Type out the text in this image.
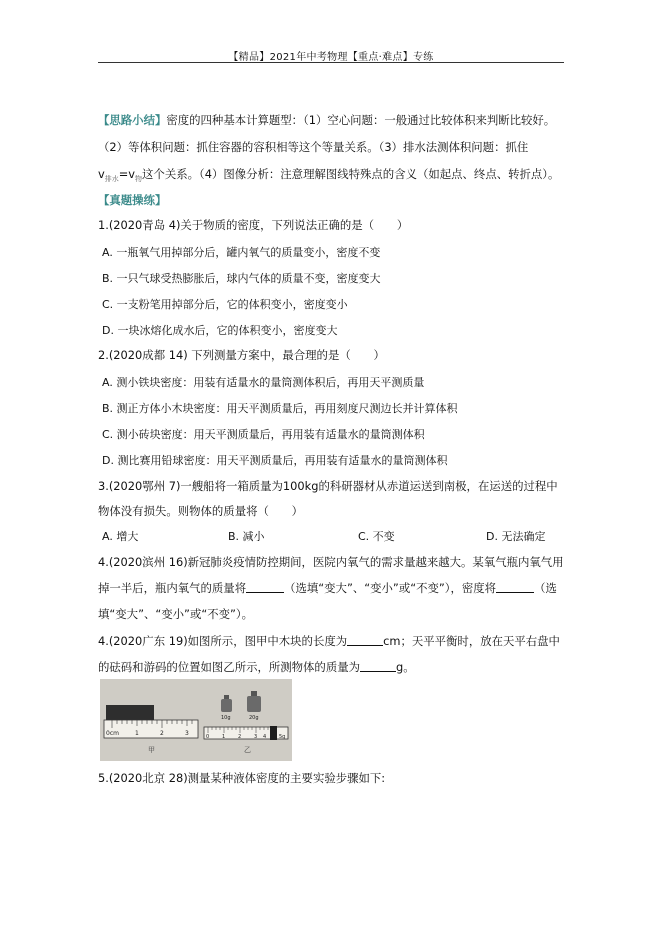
【精品】2021年中考物理【重点·难点】专练
【思路小结】密度的四种基本计算题型：（1）空心问题：一般通过比较体积来判断比较好。
（2）等体积问题：抓住容器的容积相等这个等量关系。（3）排水法测体积问题：抓住
$v_{排水}=v_物$这个关系。（4）图像分析：注意理解图线特殊点的含义（如起点、终点、转折点）。
【真题操练】
1.(2020青岛 4)关于物质的密度，下列说法正确的是（　　）
A. 一瓶氧气用掉部分后，罐内氧气的质量变小，密度不变
B. 一只气球受热膨胀后，球内气体的质量不变，密度变大
C. 一支粉笔用掉部分后，它的体积变小，密度变小
D. 一块冰熔化成水后，它的体积变小，密度变大
2.(2020成都 14) 下列测量方案中，最合理的是（　　）
A. 测小铁块密度：用装有适量水的量筒测体积后，再用天平测质量
B. 测正方体小木块密度：用天平测质量后，再用刻度尺测边长并计算体积
C. 测小砖块密度：用天平测质量后，再用装有适量水的量筒测体积
D. 测比赛用铅球密度：用天平测质量后，再用装有适量水的量筒测体积
3.(2020鄂州 7)一艘船将一箱质量为100kg的科研器材从赤道运送到南极，在运送的过程中
物体没有损失。则物体的质量将（　　）
A. 增大	B. 减小	C. 不变	D. 无法确定
4.(2020滨州 16)新冠肺炎疫情防控期间，医院内氧气的需求量越来越大。某氧气瓶内氧气用
掉一半后，瓶内氧气的质量将	（选填“变大”、“变小”或“不变”），密度将	（选
填“变大”、“变小”或“不变”）。
4.(2020广东 19)如图所示，图甲中木块的长度为	cm；天平平衡时，放在天平右盘中
的砝码和游码的位置如图乙所示，所测物体的质量为	g。
0cm	1	2	3
甲
10g	20g
0	1	2	3 4	5g
乙
5.(2020北京 28)测量某种液体密度的主要实验步骤如下:
